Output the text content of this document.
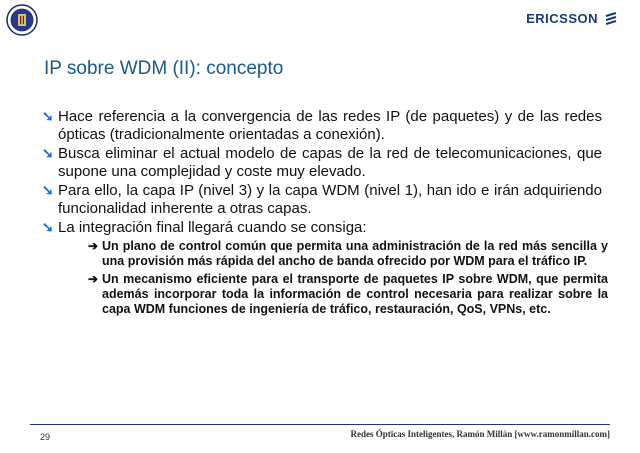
ERICSSON
IP sobre WDM (II): concepto
➘ Hace referencia a la convergencia de las redes IP (de paquetes) y de las redes ópticas (tradicionalmente orientadas a conexión).
➘ Busca eliminar el actual modelo de capas de la red de telecomunicaciones, que supone una complejidad y coste muy elevado.
➘ Para ello, la capa IP (nivel 3) y la capa WDM (nivel 1), han ido e irán adquiriendo funcionalidad inherente a otras capas.
➘ La integración final llegará cuando se consiga:
➔ Un plano de control común que permita una administración de la red más sencilla y una provisión más rápida del ancho de banda ofrecido por WDM para el tráfico IP.
➔ Un mecanismo eficiente para el transporte de paquetes IP sobre WDM, que permita además incorporar toda la información de control necesaria para realizar sobre la capa WDM funciones de ingeniería de tráfico, restauración, QoS, VPNs, etc.
29	Redes Ópticas Inteligentes, Ramón Millán [www.ramonmillan.com]
